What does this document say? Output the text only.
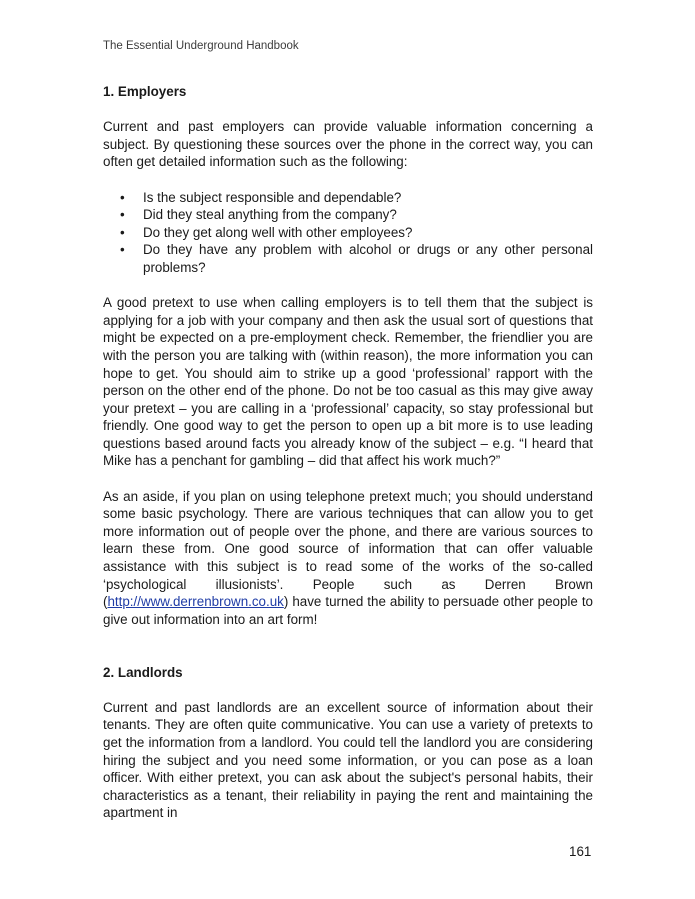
The Essential Underground Handbook
1. Employers

Current and past employers can provide valuable information concerning a subject. By questioning these sources over the phone in the correct way, you can often get detailed information such as the following:

• Is the subject responsible and dependable?
• Did they steal anything from the company?
• Do they get along well with other employees?
• Do they have any problem with alcohol or drugs or any other personal problems?

A good pretext to use when calling employers is to tell them that the subject is applying for a job with your company and then ask the usual sort of questions that might be expected on a pre-employment check. Remember, the friendlier you are with the person you are talking with (within reason), the more information you can hope to get. You should aim to strike up a good ‘professional’ rapport with the person on the other end of the phone. Do not be too casual as this may give away your pretext – you are calling in a ‘professional’ capacity, so stay professional but friendly. One good way to get the person to open up a bit more is to use leading questions based around facts you already know of the subject – e.g. “I heard that Mike has a penchant for gambling – did that affect his work much?”

As an aside, if you plan on using telephone pretext much; you should understand some basic psychology. There are various techniques that can allow you to get more information out of people over the phone, and there are various sources to learn these from. One good source of information that can offer valuable assistance with this subject is to read some of the works of the so-called ‘psychological illusionists’. People such as Derren Brown (http://www.derrenbrown.co.uk) have turned the ability to persuade other people to give out information into an art form!

2. Landlords

Current and past landlords are an excellent source of information about their tenants. They are often quite communicative. You can use a variety of pretexts to get the information from a landlord. You could tell the landlord you are considering hiring the subject and you need some information, or you can pose as a loan officer. With either pretext, you can ask about the subject's personal habits, their characteristics as a tenant, their reliability in paying the rent and maintaining the apartment in

161
